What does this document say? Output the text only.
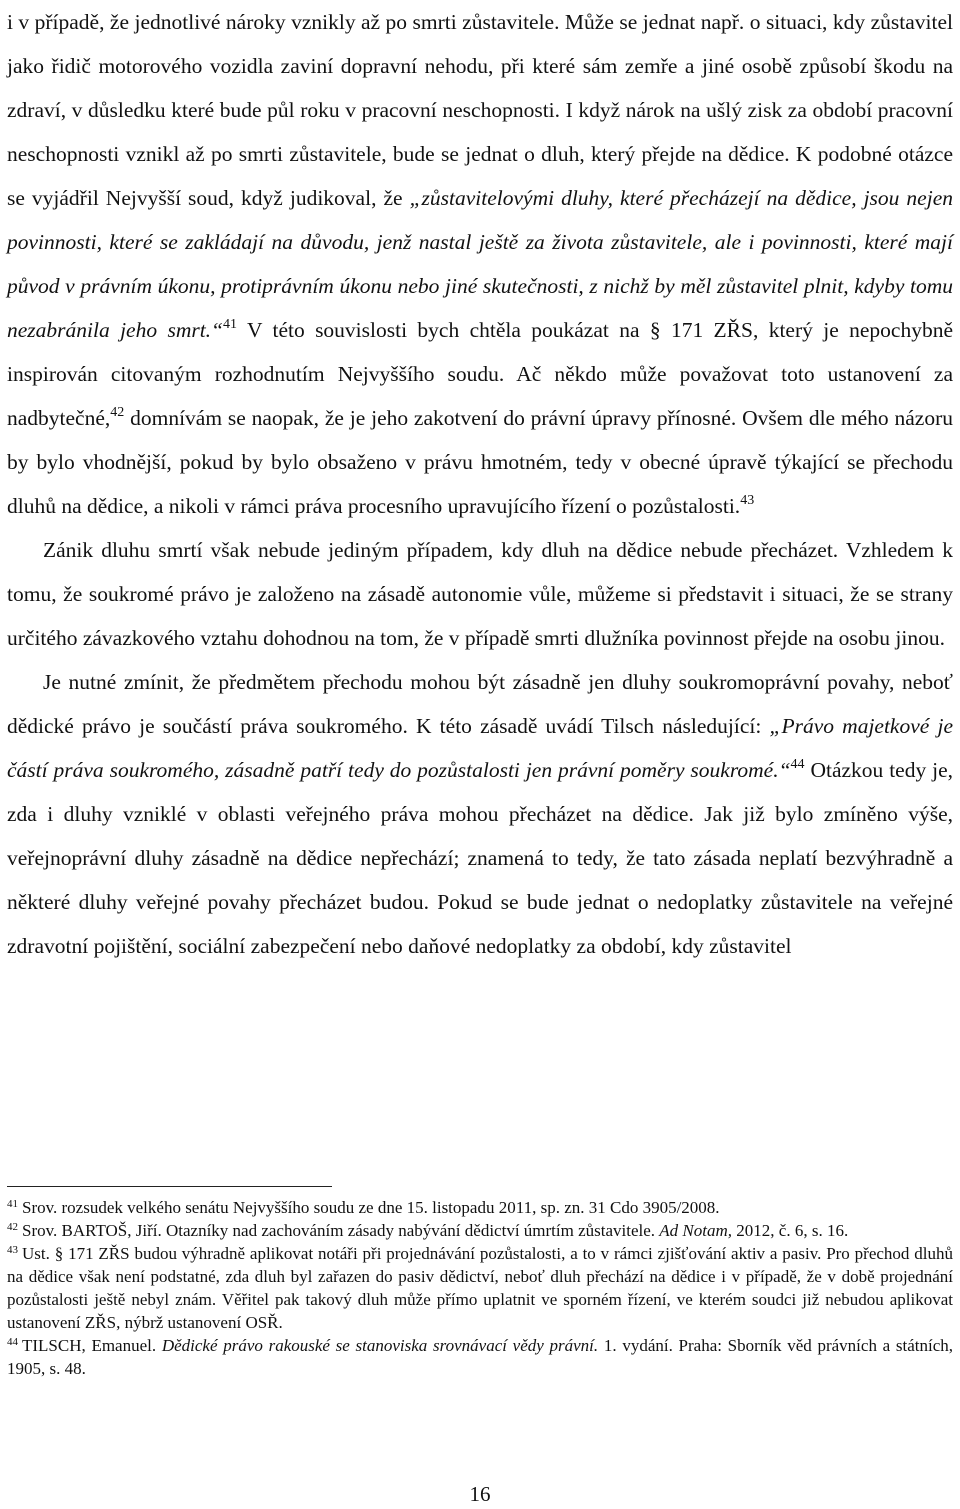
i v případě, že jednotlivé nároky vznikly až po smrti zůstavitele. Může se jednat např. o situaci, kdy zůstavitel jako řidič motorového vozidla zaviní dopravní nehodu, při které sám zemře a jiné osobě způsobí škodu na zdraví, v důsledku které bude půl roku v pracovní neschopnosti. I když nárok na ušlý zisk za období pracovní neschopnosti vznikl až po smrti zůstavitele, bude se jednat o dluh, který přejde na dědice. K podobné otázce se vyjádřil Nejvyšší soud, když judikoval, že „zůstavitelovými dluhy, které přecházejí na dědice, jsou nejen povinnosti, které se zakládají na důvodu, jenž nastal ještě za života zůstavitele, ale i povinnosti, které mají původ v právním úkonu, protiprávním úkonu nebo jiné skutečnosti, z nichž by měl zůstavitel plnit, kdyby tomu nezabránila jeho smrt.“$^{41}$ V této souvislosti bych chtěla poukázat na § 171 ZŘS, který je nepochybně inspirován citovaným rozhodnutím Nejvyššího soudu. Ač někdo může považovat toto ustanovení za nadbytečné,$^{42}$ domnívám se naopak, že je jeho zakotvení do právní úpravy přínosné. Ovšem dle mého názoru by bylo vhodnější, pokud by bylo obsaženo v právu hmotném, tedy v obecné úpravě týkající se přechodu dluhů na dědice, a nikoli v rámci práva procesního upravujícího řízení o pozůstalosti.$^{43}$

Zánik dluhu smrtí však nebude jediným případem, kdy dluh na dědice nebude přecházet. Vzhledem k tomu, že soukromé právo je založeno na zásadě autonomie vůle, můžeme si představit i situaci, že se strany určitého závazkového vztahu dohodnou na tom, že v případě smrti dlužníka povinnost přejde na osobu jinou.

Je nutné zmínit, že předmětem přechodu mohou být zásadně jen dluhy soukromoprávní povahy, neboť dědické právo je součástí práva soukromého. K této zásadě uvádí Tilsch následující: „Právo majetkové je částí práva soukromého, zásadně patří tedy do pozůstalosti jen právní poměry soukromé.“$^{44}$ Otázkou tedy je, zda i dluhy vzniklé v oblasti veřejného práva mohou přecházet na dědice. Jak již bylo zmíněno výše, veřejnoprávní dluhy zásadně na dědice nepřechází; znamená to tedy, že tato zásada neplatí bezvýhradně a některé dluhy veřejné povahy přecházet budou. Pokud se bude jednat o nedoplatky zůstavitele na veřejné zdravotní pojištění, sociální zabezpečení nebo daňové nedoplatky za období, kdy zůstavitel

$^{41}$ Srov. rozsudek velkého senátu Nejvyššího soudu ze dne 15. listopadu 2011, sp. zn. 31 Cdo 3905/2008.

$^{42}$ Srov. BARTOŠ, Jiří. Otazníky nad zachováním zásady nabývání dědictví úmrtím zůstavitele. Ad Notam, 2012, č. 6, s. 16.

$^{43}$ Ust. § 171 ZŘS budou výhradně aplikovat notáři při projednávání pozůstalosti, a to v rámci zjišťování aktiv a pasiv. Pro přechod dluhů na dědice však není podstatné, zda dluh byl zařazen do pasiv dědictví, neboť dluh přechází na dědice i v případě, že v době projednání pozůstalosti ještě nebyl znám. Věřitel pak takový dluh může přímo uplatnit ve sporném řízení, ve kterém soudci již nebudou aplikovat ustanovení ZŘS, nýbrž ustanovení OSŘ.

$^{44}$ TILSCH, Emanuel. Dědické právo rakouské se stanoviska srovnávací vědy právní. 1. vydání. Praha: Sborník věd právních a státních, 1905, s. 48.

16
